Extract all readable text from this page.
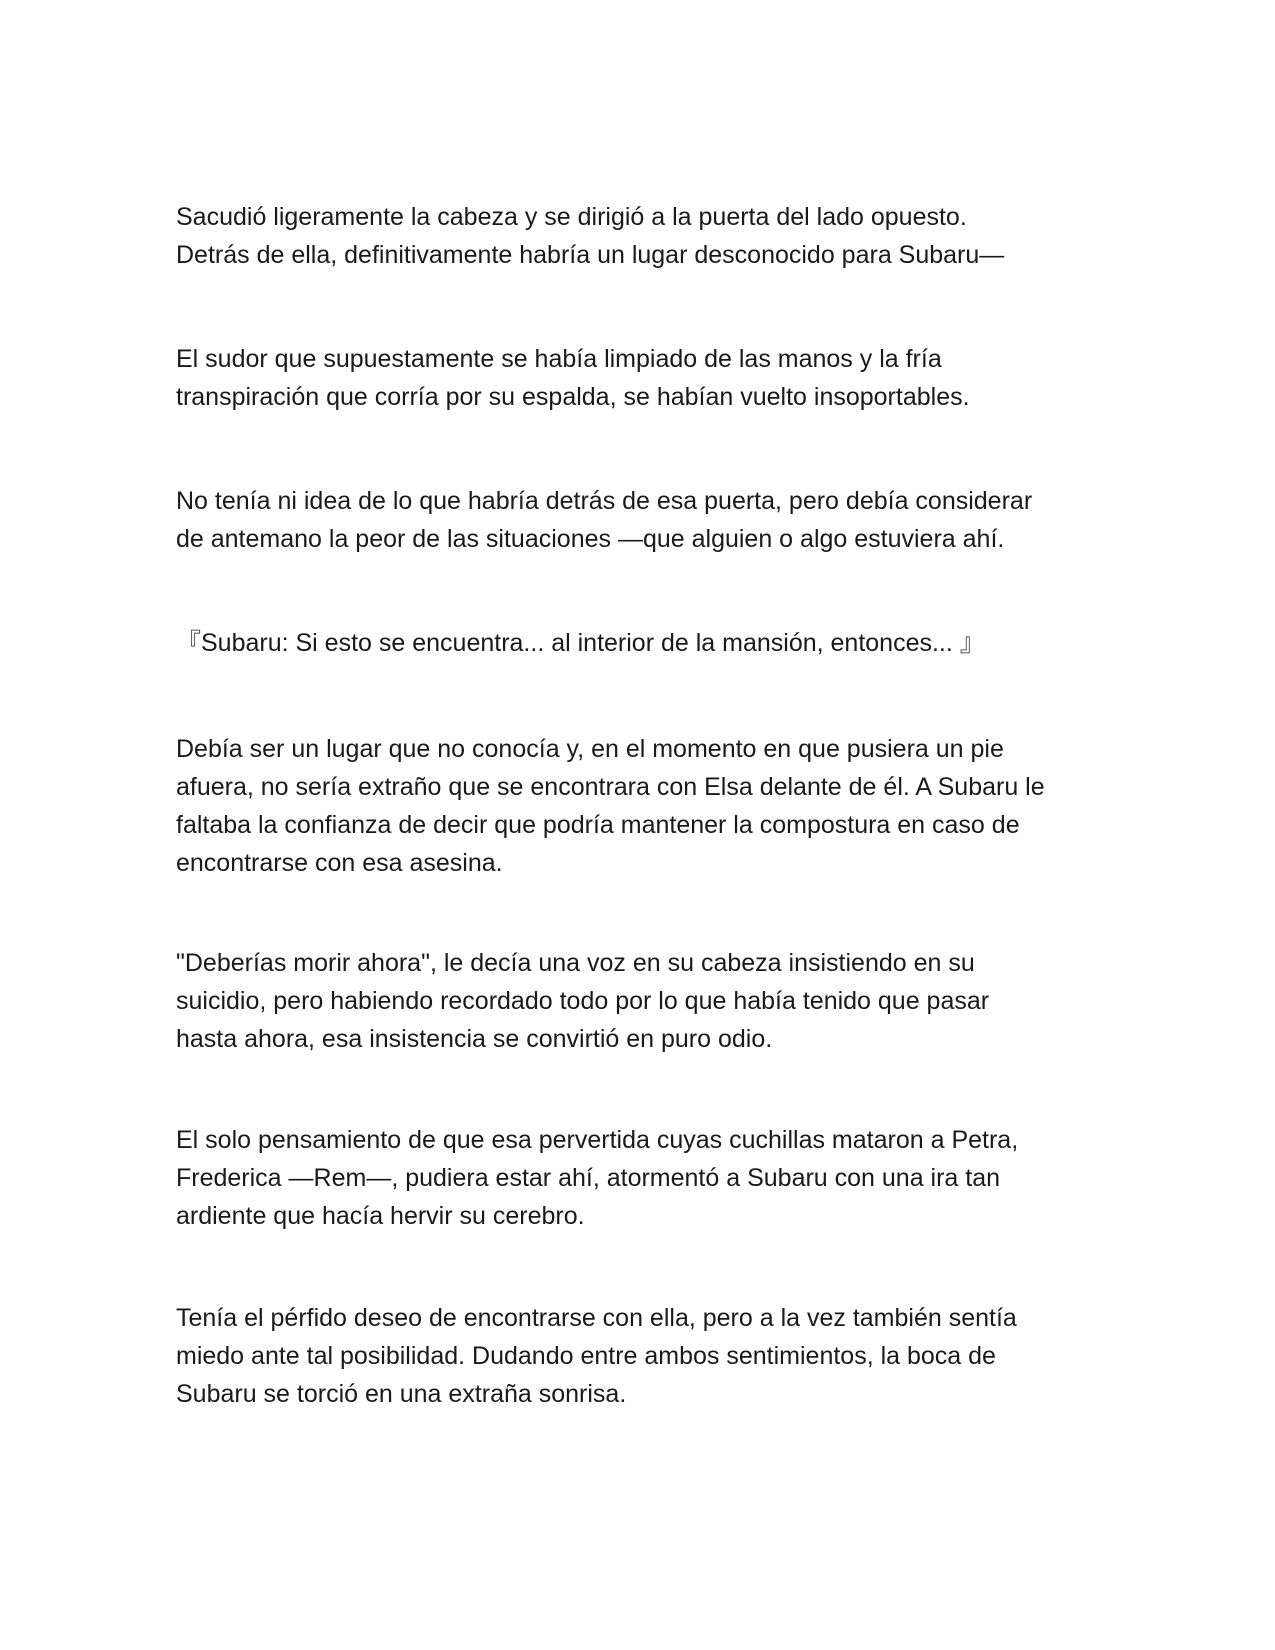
Sacudió ligeramente la cabeza y se dirigió a la puerta del lado opuesto.
Detrás de ella, definitivamente habría un lugar desconocido para Subaru—

El sudor que supuestamente se había limpiado de las manos y la fría
transpiración que corría por su espalda, se habían vuelto insoportables.

No tenía ni idea de lo que habría detrás de esa puerta, pero debía considerar
de antemano la peor de las situaciones —que alguien o algo estuviera ahí.

『Subaru: Si esto se encuentra... al interior de la mansión, entonces... 』

Debía ser un lugar que no conocía y, en el momento en que pusiera un pie
afuera, no sería extraño que se encontrara con Elsa delante de él. A Subaru le
faltaba la confianza de decir que podría mantener la compostura en caso de
encontrarse con esa asesina.

"Deberías morir ahora", le decía una voz en su cabeza insistiendo en su
suicidio, pero habiendo recordado todo por lo que había tenido que pasar
hasta ahora, esa insistencia se convirtió en puro odio.

El solo pensamiento de que esa pervertida cuyas cuchillas mataron a Petra,
Frederica —Rem—, pudiera estar ahí, atormentó a Subaru con una ira tan
ardiente que hacía hervir su cerebro.

Tenía el pérfido deseo de encontrarse con ella, pero a la vez también sentía
miedo ante tal posibilidad. Dudando entre ambos sentimientos, la boca de
Subaru se torció en una extraña sonrisa.
